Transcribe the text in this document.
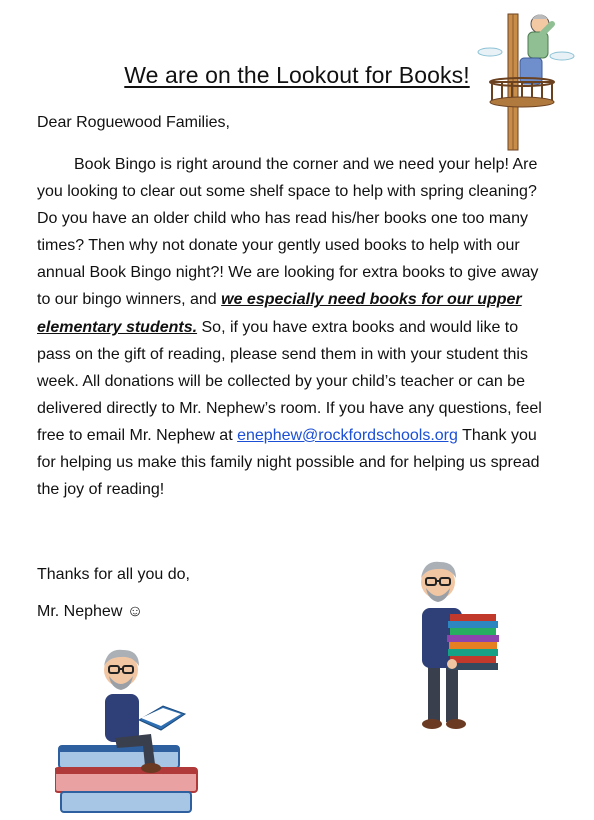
We are on the Lookout for Books!
Dear Roguewood Families,
Book Bingo is right around the corner and we need your help! Are you looking to clear out some shelf space to help with spring cleaning? Do you have an older child who has read his/her books one too many times? Then why not donate your gently used books to help with our annual Book Bingo night?! We are looking for extra books to give away to our bingo winners, and we especially need books for our upper elementary students. So, if you have extra books and would like to pass on the gift of reading, please send them in with your student this week. All donations will be collected by your child’s teacher or can be delivered directly to Mr. Nephew’s room. If you have any questions, feel free to email Mr. Nephew at enephew@rockfordschools.org Thank you for helping us make this family night possible and for helping us spread the joy of reading!
Thanks for all you do,
Mr. Nephew ☺
